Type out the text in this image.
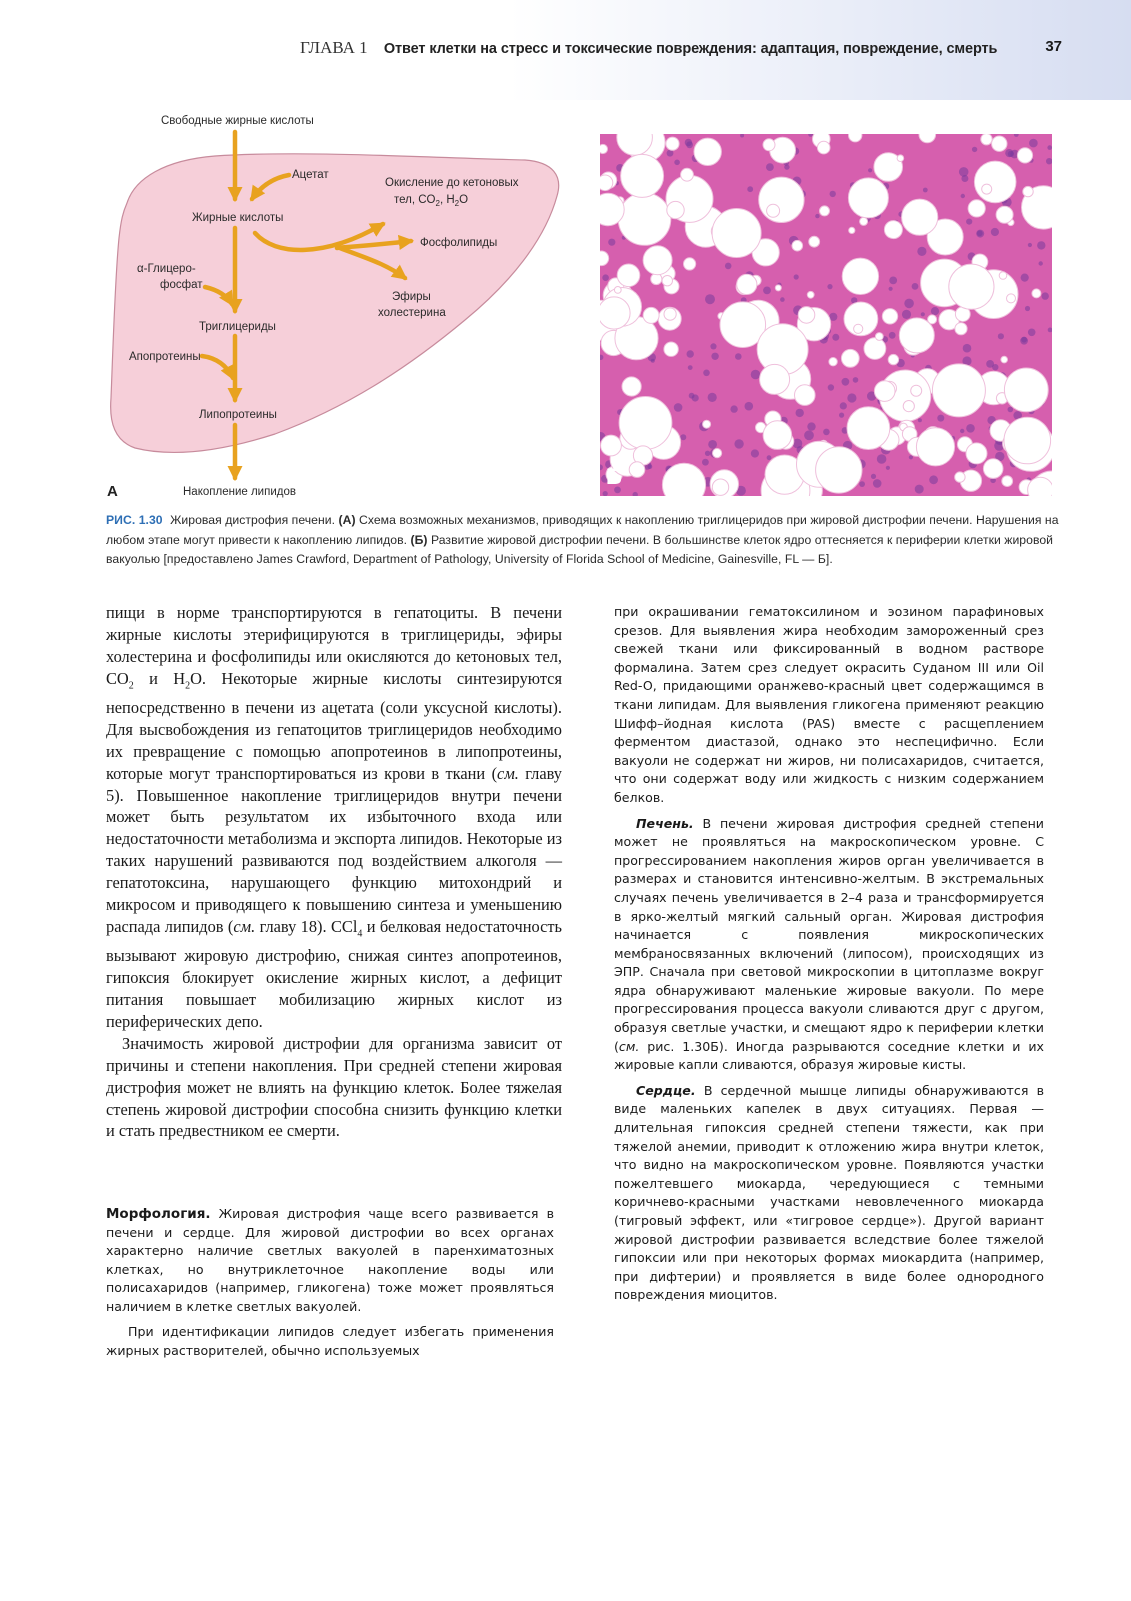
ГЛАВА 1 Ответ клетки на стресс и токсические повреждения: адаптация, повреждение, смерть	37
Свободные жирные кислоты
Ацетат
Жирные кислоты
Окисление до кетоновых
тел, $CO_2$, $H_2O$
Фосфолипиды
α-Глицеро-
фосфат
Эфиры
холестерина
Триглицериды
Апопротеины
Липопротеины
Накопление липидов
А
Б
РИС. 1.30 Жировая дистрофия печени. (А) Схема возможных механизмов, приводящих к накоплению триглицеридов при жировой дистрофии печени. Нарушения на любом этапе могут привести к накоплению липидов. (Б) Развитие жировой дистрофии печени. В большинстве клеток ядро оттесняется к периферии клетки жировой вакуолью [предоставлено James Crawford, Department of Pathology, University of Florida School of Medicine, Gainesville, FL — Б].

пищи в норме транспортируются в гепатоциты. В печени жирные кислоты этерифицируются в триглицериды, эфиры холестерина и фосфолипиды или окисляются до кетоновых тел, $CO_2$ и $H_2O$. Некоторые жирные кислоты синтезируются непосредственно в печени из ацетата (соли уксусной кислоты). Для высвобождения из гепатоцитов триглицеридов необходимо их превращение с помощью апопротеинов в липопротеины, которые могут транспортироваться из крови в ткани (см. главу 5). Повышенное накопление триглицеридов внутри печени может быть результатом их избыточного входа или недостаточности метаболизма и экспорта липидов. Некоторые из таких нарушений развиваются под воздействием алкоголя — гепатотоксина, нарушающего функцию митохондрий и микросом и приводящего к повышению синтеза и уменьшению распада липидов (см. главу 18). CCl$_4$ и белковая недостаточность вызывают жировую дистрофию, снижая синтез апопротеинов, гипоксия блокирует окисление жирных кислот, а дефицит питания повышает мобилизацию жирных кислот из периферических депо.

Значимость жировой дистрофии для организма зависит от причины и степени накопления. При средней степени жировая дистрофия может не влиять на функцию клеток. Более тяжелая степень жировой дистрофии способна снизить функцию клетки и стать предвестником ее смерти.

Морфология. Жировая дистрофия чаще всего развивается в печени и сердце. Для жировой дистрофии во всех органах характерно наличие светлых вакуолей в паренхиматозных клетках, но внутриклеточное накопление воды или полисахаридов (например, гликогена) тоже может проявляться наличием в клетке светлых вакуолей.

При идентификации липидов следует избегать применения жирных растворителей, обычно используемых

при окрашивании гематоксилином и эозином парафиновых срезов. Для выявления жира необходим замороженный срез свежей ткани или фиксированный в водном растворе формалина. Затем срез следует окрасить Суданом III или Oil Red-O, придающими оранжево-красный цвет содержащимся в ткани липидам. Для выявления гликогена применяют реакцию Шифф–йодная кислота (PAS) вместе с расщеплением ферментом диастазой, однако это неспецифично. Если вакуоли не содержат ни жиров, ни полисахаридов, считается, что они содержат воду или жидкость с низким содержанием белков.

Печень. В печени жировая дистрофия средней степени может не проявляться на макроскопическом уровне. С прогрессированием накопления жиров орган увеличивается в размерах и становится интенсивно-желтым. В экстремальных случаях печень увеличивается в 2–4 раза и трансформируется в ярко-желтый мягкий сальный орган. Жировая дистрофия начинается с появления микроскопических мембраносвязанных включений (липосом), происходящих из ЭПР. Сначала при световой микроскопии в цитоплазме вокруг ядра обнаруживают маленькие жировые вакуоли. По мере прогрессирования процесса вакуоли сливаются друг с другом, образуя светлые участки, и смещают ядро к периферии клетки (см. рис. 1.30Б). Иногда разрываются соседние клетки и их жировые капли сливаются, образуя жировые кисты.

Сердце. В сердечной мышце липиды обнаруживаются в виде маленьких капелек в двух ситуациях. Первая — длительная гипоксия средней степени тяжести, как при тяжелой анемии, приводит к отложению жира внутри клеток, что видно на макроскопическом уровне. Появляются участки пожелтевшего миокарда, чередующиеся с темными коричнево-красными участками невовлеченного миокарда (тигровый эффект, или «тигровое сердце»). Другой вариант жировой дистрофии развивается вследствие более тяжелой гипоксии или при некоторых формах миокардита (например, при дифтерии) и проявляется в виде более однородного повреждения миоцитов.
